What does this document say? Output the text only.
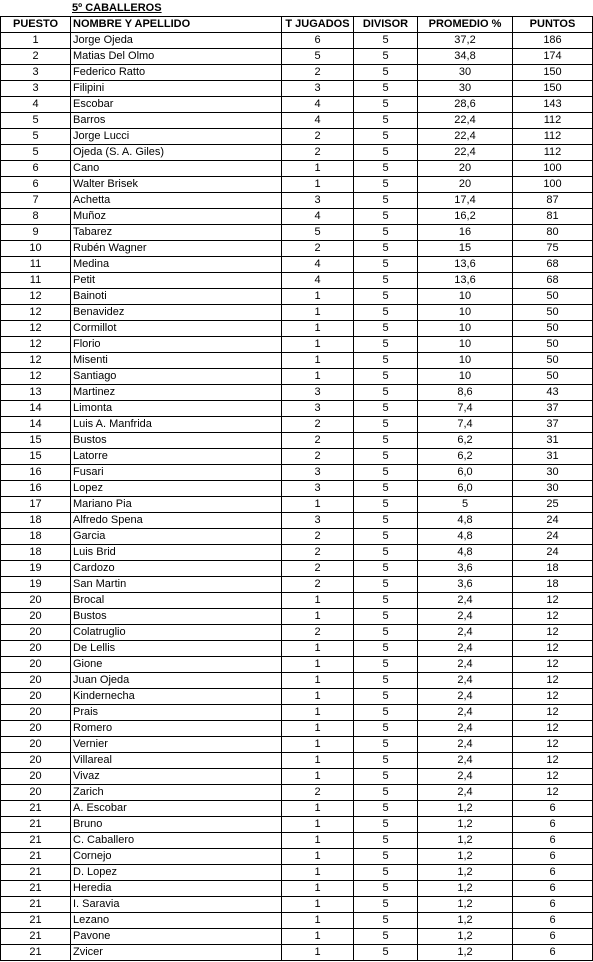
5º CABALLEROS
PUESTO	NOMBRE Y APELLIDO	T JUGADOS	DIVISOR	PROMEDIO %	PUNTOS
1	Jorge Ojeda	6	5	37,2	186
2	Matias Del Olmo	5	5	34,8	174
3	Federico Ratto	2	5	30	150
3	Filipini	3	5	30	150
4	Escobar	4	5	28,6	143
5	Barros	4	5	22,4	112
5	Jorge Lucci	2	5	22,4	112
5	Ojeda (S. A. Giles)	2	5	22,4	112
6	Cano	1	5	20	100
6	Walter Brisek	1	5	20	100
7	Achetta	3	5	17,4	87
8	Muñoz	4	5	16,2	81
9	Tabarez	5	5	16	80
10	Rubén Wagner	2	5	15	75
11	Medina	4	5	13,6	68
11	Petit	4	5	13,6	68
12	Bainoti	1	5	10	50
12	Benavidez	1	5	10	50
12	Cormillot	1	5	10	50
12	Florio	1	5	10	50
12	Misenti	1	5	10	50
12	Santiago	1	5	10	50
13	Martinez	3	5	8,6	43
14	Limonta	3	5	7,4	37
14	Luis A. Manfrida	2	5	7,4	37
15	Bustos	2	5	6,2	31
15	Latorre	2	5	6,2	31
16	Fusari	3	5	6,0	30
16	Lopez	3	5	6,0	30
17	Mariano Pia	1	5	5	25
18	Alfredo Spena	3	5	4,8	24
18	Garcia	2	5	4,8	24
18	Luis Brid	2	5	4,8	24
19	Cardozo	2	5	3,6	18
19	San Martin	2	5	3,6	18
20	Brocal	1	5	2,4	12
20	Bustos	1	5	2,4	12
20	Colatruglio	2	5	2,4	12
20	De Lellis	1	5	2,4	12
20	Gione	1	5	2,4	12
20	Juan Ojeda	1	5	2,4	12
20	Kindernecha	1	5	2,4	12
20	Prais	1	5	2,4	12
20	Romero	1	5	2,4	12
20	Vernier	1	5	2,4	12
20	Villareal	1	5	2,4	12
20	Vivaz	1	5	2,4	12
20	Zarich	2	5	2,4	12
21	A. Escobar	1	5	1,2	6
21	Bruno	1	5	1,2	6
21	C. Caballero	1	5	1,2	6
21	Cornejo	1	5	1,2	6
21	D. Lopez	1	5	1,2	6
21	Heredia	1	5	1,2	6
21	I. Saravia	1	5	1,2	6
21	Lezano	1	5	1,2	6
21	Pavone	1	5	1,2	6
21	Zvicer	1	5	1,2	6
